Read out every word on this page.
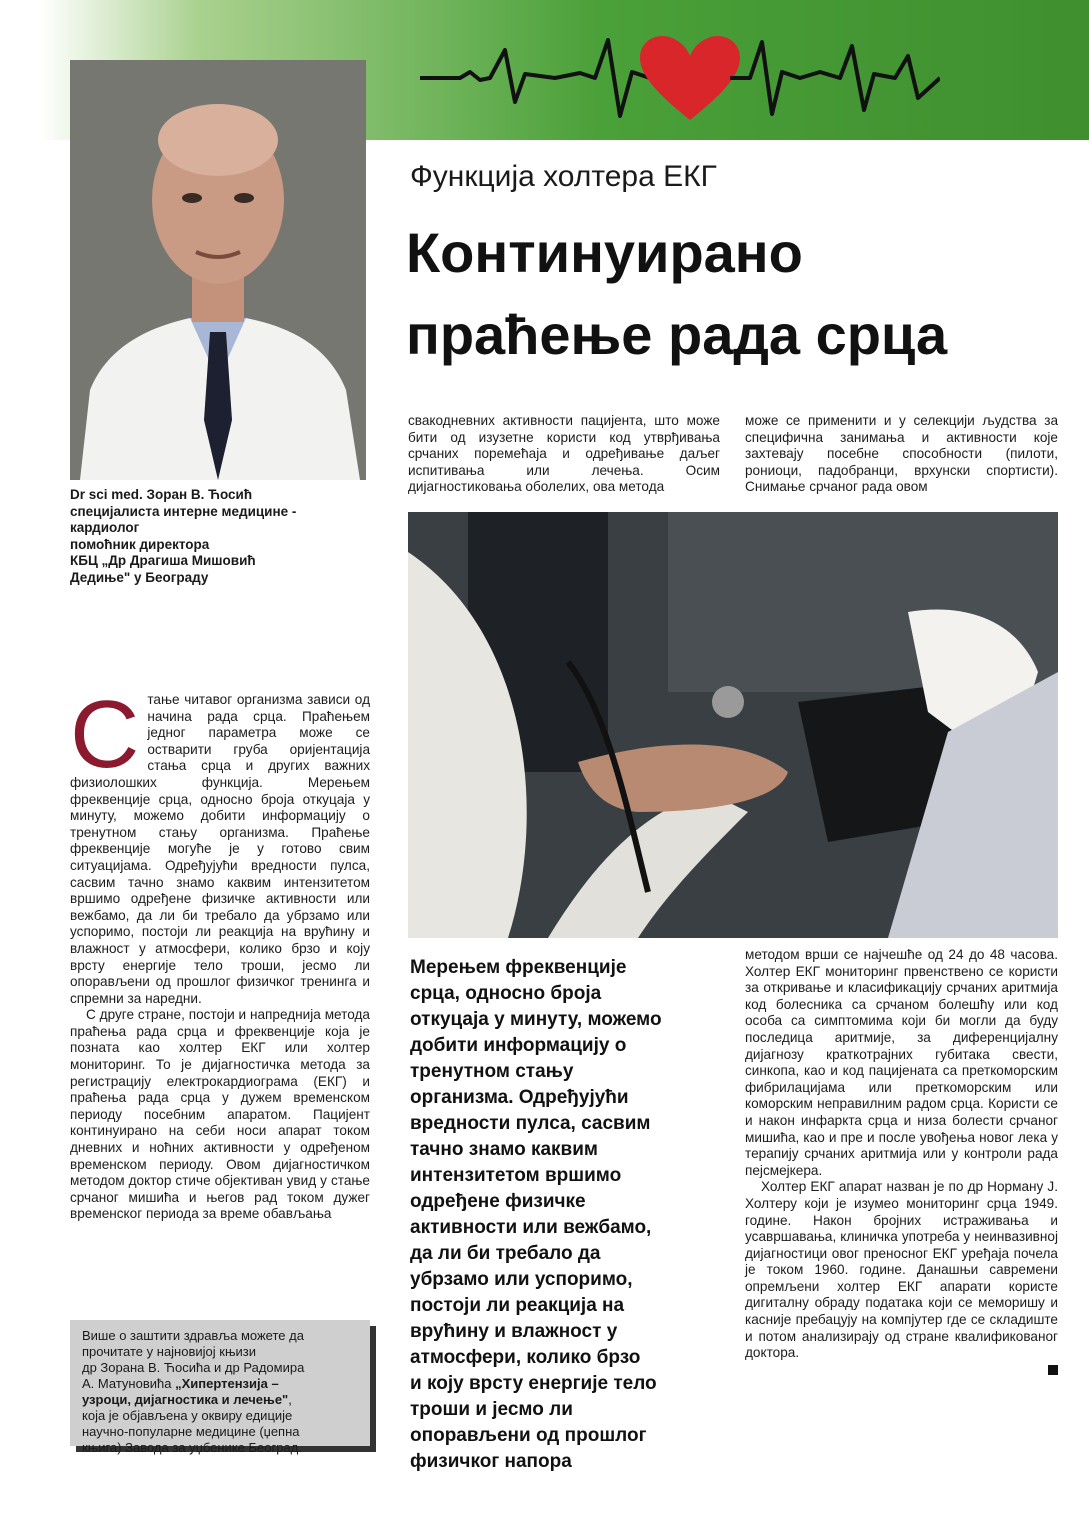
Dr sci med. Зоран В. Ћосић
специјалиста интерне медицине -
кардиолог
помоћник директора
КБЦ „Др Драгиша Мишовић
Дедиње" у Београду
Функција холтера ЕКГ
Континуирано
праћење рада срца
С тање читавог организма зависи од начина рада срца. Праћењем једног параметра може се остварити груба оријентација стања срца и других важних физиолошких функција. Мерењем фреквенције срца, односно броја откуцаја у минуту, можемо добити информацију о тренутном стању организма. Праћење фреквенције могуће је у готово свим ситуацијама. Одређујући вредности пулса, сасвим тачно знамо каквим интензитетом вршимо одређене физичке активности или вежбамо, да ли би требало да убрзамо или успоримо, постоји ли реакција на врућину и влажност у атмосфери, колико брзо и коју врсту енергије тело троши, јесмо ли опорављени од прошлог физичког тренинга и спремни за наредни.

С друге стране, постоји и напреднија метода праћења рада срца и фреквенције која је позната као холтер ЕКГ или холтер мониторинг. То је дијагностичка метода за регистрацију електрокардиограма (ЕКГ) и праћења рада срца у дужем временском периоду посебним апаратом. Пацијент континуирано на себи носи апарат током дневних и ноћних активности у одређеном временском периоду. Овом дијагностичком методом доктор стиче објективан увид у стање срчаног мишића и његов рад током дужег временског периода за време обављања

Више о заштити здравља можете да
прочитате у најновијој књизи
др Зорана В. Ћосића и др Радомира
А. Матуновића „Хипертензија –
узроци, дијагностика и лечење",
која је објављена у оквиру едиције
научно-популарне медицине (џепна
књига) Завода за уџбенике Београд.

свакодневних активности пацијента, што може бити од изузетне користи код утврђивања срчаних поремећаја и одређивање даљег испитивања или лечења. Осим дијагностиковања оболелих, ова метода

може се применити и у селекцији људства за специфична занимања и активности које захтевају посебне способности (пилоти, рониоци, падобранци, врхунски спортисти). Снимање срчаног рада овом

Мерењем фреквенције
срца, односно броја
откуцаја у минуту, можемо
добити информацију о
тренутном стању
организма. Одређујући
вредности пулса, сасвим
тачно знамо каквим
интензитетом вршимо
одређене физичке
активности или вежбамо,
да ли би требало да
убрзамо или успоримо,
постоји ли реакција на
врућину и влажност у
атмосфери, колико брзо
и коју врсту енергије тело
троши и јесмо ли
опорављени од прошлог
физичког напора

методом врши се најчешће од 24 до 48 часова. Холтер ЕКГ мониторинг првенствено се користи за откривање и класификацију срчаних аритмија код болесника са срчаном болешћу или код особа са симптомима који би могли да буду последица аритмије, за диференцијалну дијагнозу краткотрајних губитака свести, синкопа, као и код пацијената са преткоморским фибрилацијама или преткоморским или коморским неправилним радом срца. Користи се и након инфаркта срца и низа болести срчаног мишића, као и пре и после увођења новог лека у терапију срчаних аритмија или у контроли рада пејсмејкера.

Холтер ЕКГ апарат назван је по др Норману Ј. Холтеру који је изумео мониторинг срца 1949. године. Након бројних истраживања и усавршавања, клиничка употреба у неинвазивној дијагностици овог преносног ЕКГ уређаја почела је током 1960. године. Данашњи савремени опремљени холтер ЕКГ апарати користе дигиталну обраду података који се меморишу и касније пребацују на компјутер где се складиште и потом анализирају од стране квалификованог доктора.
